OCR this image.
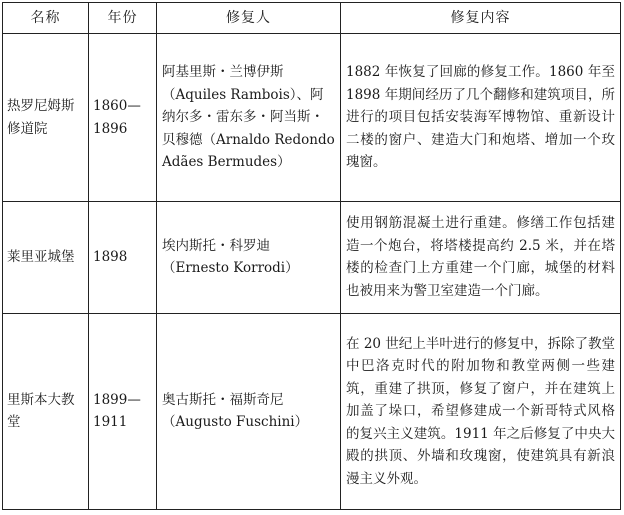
名称	年份	修复人	修复内容
热罗尼姆斯修道院	1860—1896	阿基里斯・兰博伊斯（Aquiles Rambois）、阿纳尔多・雷东多・阿当斯・贝穆德（Arnaldo Redondo Adães Bermudes）	1882 年恢复了回廊的修复工作。1860 年至 1898 年期间经历了几个翻修和建筑项目，所进行的项目包括安装海军博物馆、重新设计二楼的窗户、建造大门和炮塔、增加一个玫瑰窗。
莱里亚城堡	1898	埃内斯托・科罗迪（Ernesto Korrodi）	使用钢筋混凝土进行重建。修缮工作包括建造一个炮台，将塔楼提高约 2.5 米，并在塔楼的检查门上方重建一个门廊，城堡的材料也被用来为警卫室建造一个门廊。
里斯本大教堂	1899—1911	奥古斯托・福斯奇尼（Augusto Fuschini）	在 20 世纪上半叶进行的修复中，拆除了教堂中巴洛克时代的附加物和教堂两侧一些建筑，重建了拱顶，修复了窗户，并在建筑上加盖了垛口，希望修建成一个新哥特式风格的复兴主义建筑。1911 年之后修复了中央大殿的拱顶、外墙和玫瑰窗，使建筑具有新浪漫主义外观。
